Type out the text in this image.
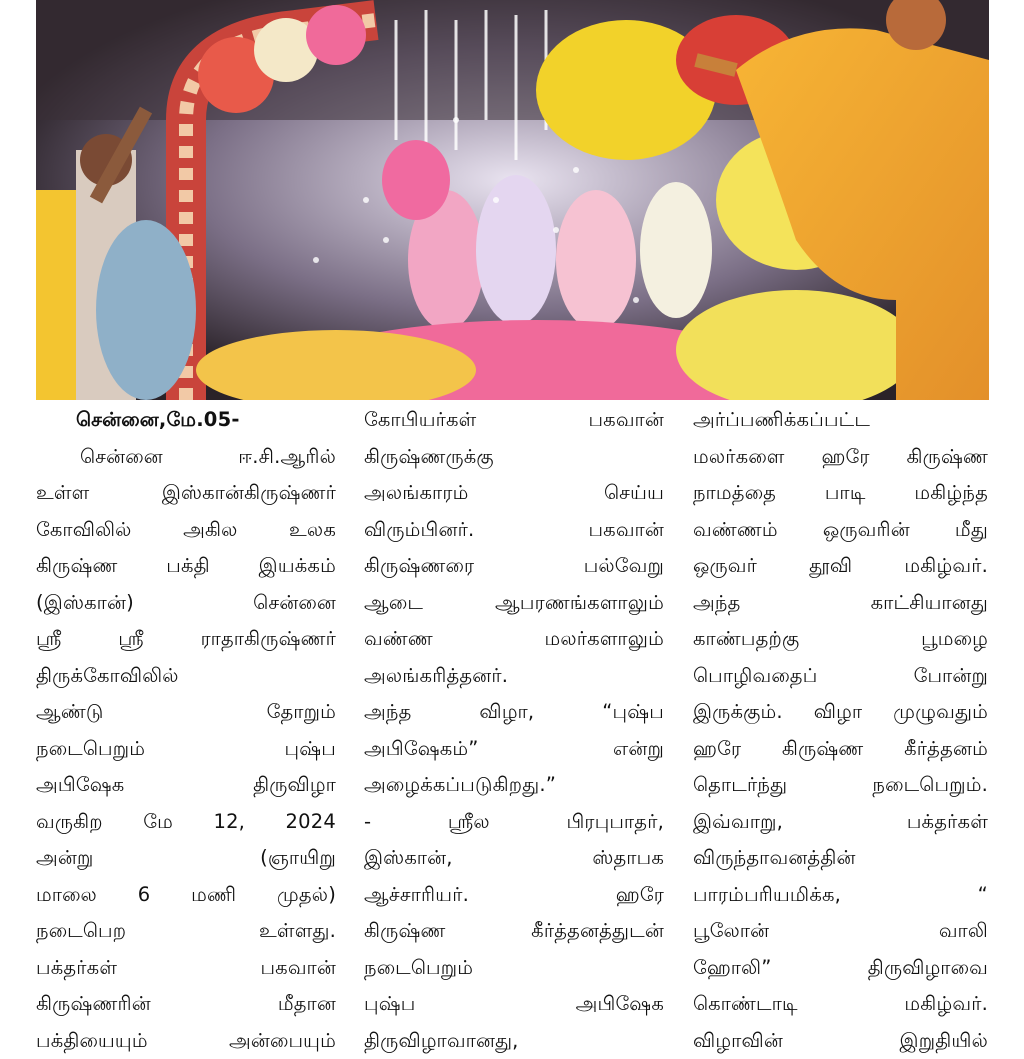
சென்னை,மே.05-
சென்னை ஈ.சி.ஆரில்
உள்ள இஸ்கான்கிருஷ்ணர்
கோவிலில் அகில உலக
கிருஷ்ண பக்தி இயக்கம்
(இஸ்கான்) சென்னை
ஸ்ரீ ஸ்ரீ ராதாகிருஷ்ணர்
திருக்கோவிலில்
ஆண்டு தோறும்
நடைபெறும் புஷ்ப
அபிஷேக திருவிழா
வருகிற மே 12, 2024
அன்று (ஞாயிறு
மாலை 6 மணி முதல்)
நடைபெற உள்ளது.
பக்தர்கள் பகவான்
கிருஷ்ணரின் மீதான
பக்தியையும் அன்பையும்
கோபியர்கள் பகவான்
கிருஷ்ணருக்கு
அலங்காரம் செய்ய
விரும்பினர். பகவான்
கிருஷ்ணரை பல்வேறு
ஆடை ஆபரணங்களாலும்
வண்ண மலர்களாலும்
அலங்கரித்தனர்.
அந்த விழா, “புஷ்ப
அபிஷேகம்” என்று
அழைக்கப்படுகிறது.”
- ஸ்ரீல பிரபுபாதர்,
இஸ்கான், ஸ்தாபக
ஆச்சாரியர். ஹரே
கிருஷ்ண கீர்த்தனத்துடன்
நடைபெறும்
புஷ்ப அபிஷேக
திருவிழாவானது,
அர்ப்பணிக்கப்பட்ட
மலர்களை ஹரே கிருஷ்ண
நாமத்தை பாடி மகிழ்ந்த
வண்ணம் ஒருவரின் மீது
ஒருவர் தூவி மகிழ்வர்.
அந்த காட்சியானது
காண்பதற்கு பூமழை
பொழிவதைப் போன்று
இருக்கும். விழா முழுவதும்
ஹரே கிருஷ்ண கீர்த்தனம்
தொடர்ந்து நடைபெறும்.
இவ்வாறு, பக்தர்கள்
விருந்தாவனத்தின்
பாரம்பரியமிக்க, “
பூலோன் வாலி
ஹோலி” திருவிழாவை
கொண்டாடி மகிழ்வர்.
விழாவின் இறுதியில்
